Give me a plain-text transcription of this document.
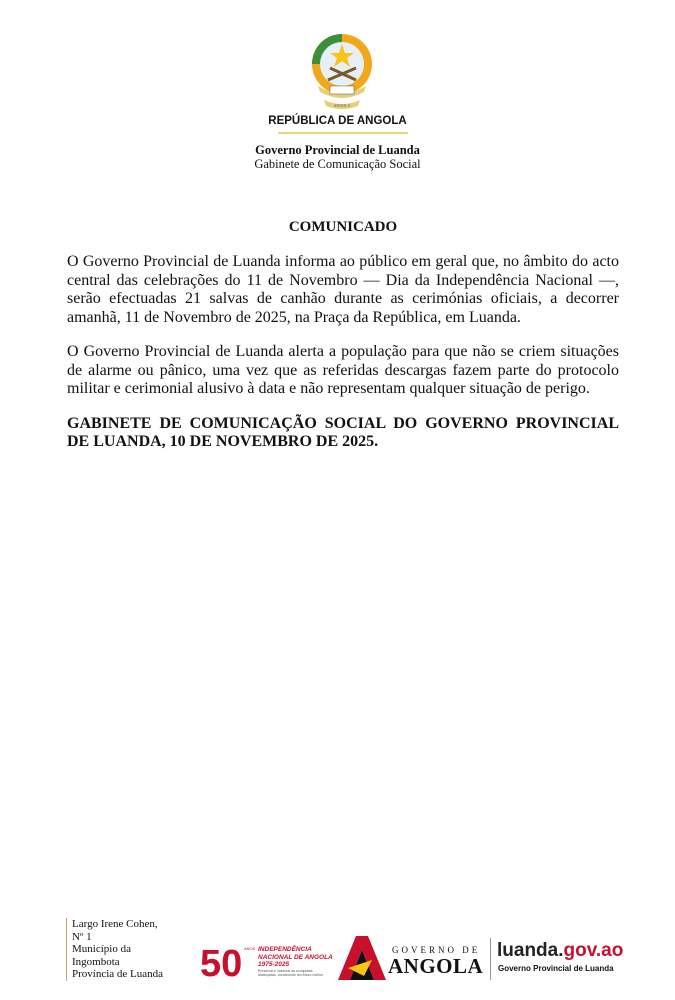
ANGOLA
REPÚBLICA DE ANGOLA
Governo Provincial de Luanda
Gabinete de Comunicação Social
COMUNICADO
O Governo Provincial de Luanda informa ao público em geral que, no âmbito do acto central das celebrações do 11 de Novembro — Dia da Independência Nacional —, serão efectuadas 21 salvas de canhão durante as cerimónias oficiais, a decorrer amanhã, 11 de Novembro de 2025, na Praça da República, em Luanda.
O Governo Provincial de Luanda alerta a população para que não se criem situações de alarme ou pânico, uma vez que as referidas descargas fazem parte do protocolo militar e cerimonial alusivo à data e não representam qualquer situação de perigo.
GABINETE DE COMUNICAÇÃO SOCIAL DO GOVERNO PROVINCIAL DE LUANDA, 10 DE NOVEMBRO DE 2025.
Largo Irene Cohen,
Nº 1
Município da
Ingombota
Província de Luanda 50 ANOS INDEPENDÊNCIA
NACIONAL DE ANGOLA
1975-2025
Preservar e valorizar as conquistas alcançadas, construindo um futuro melhor
GOVERNO DE
ANGOLA
luanda.gov.ao
Governo Provincial de Luanda
